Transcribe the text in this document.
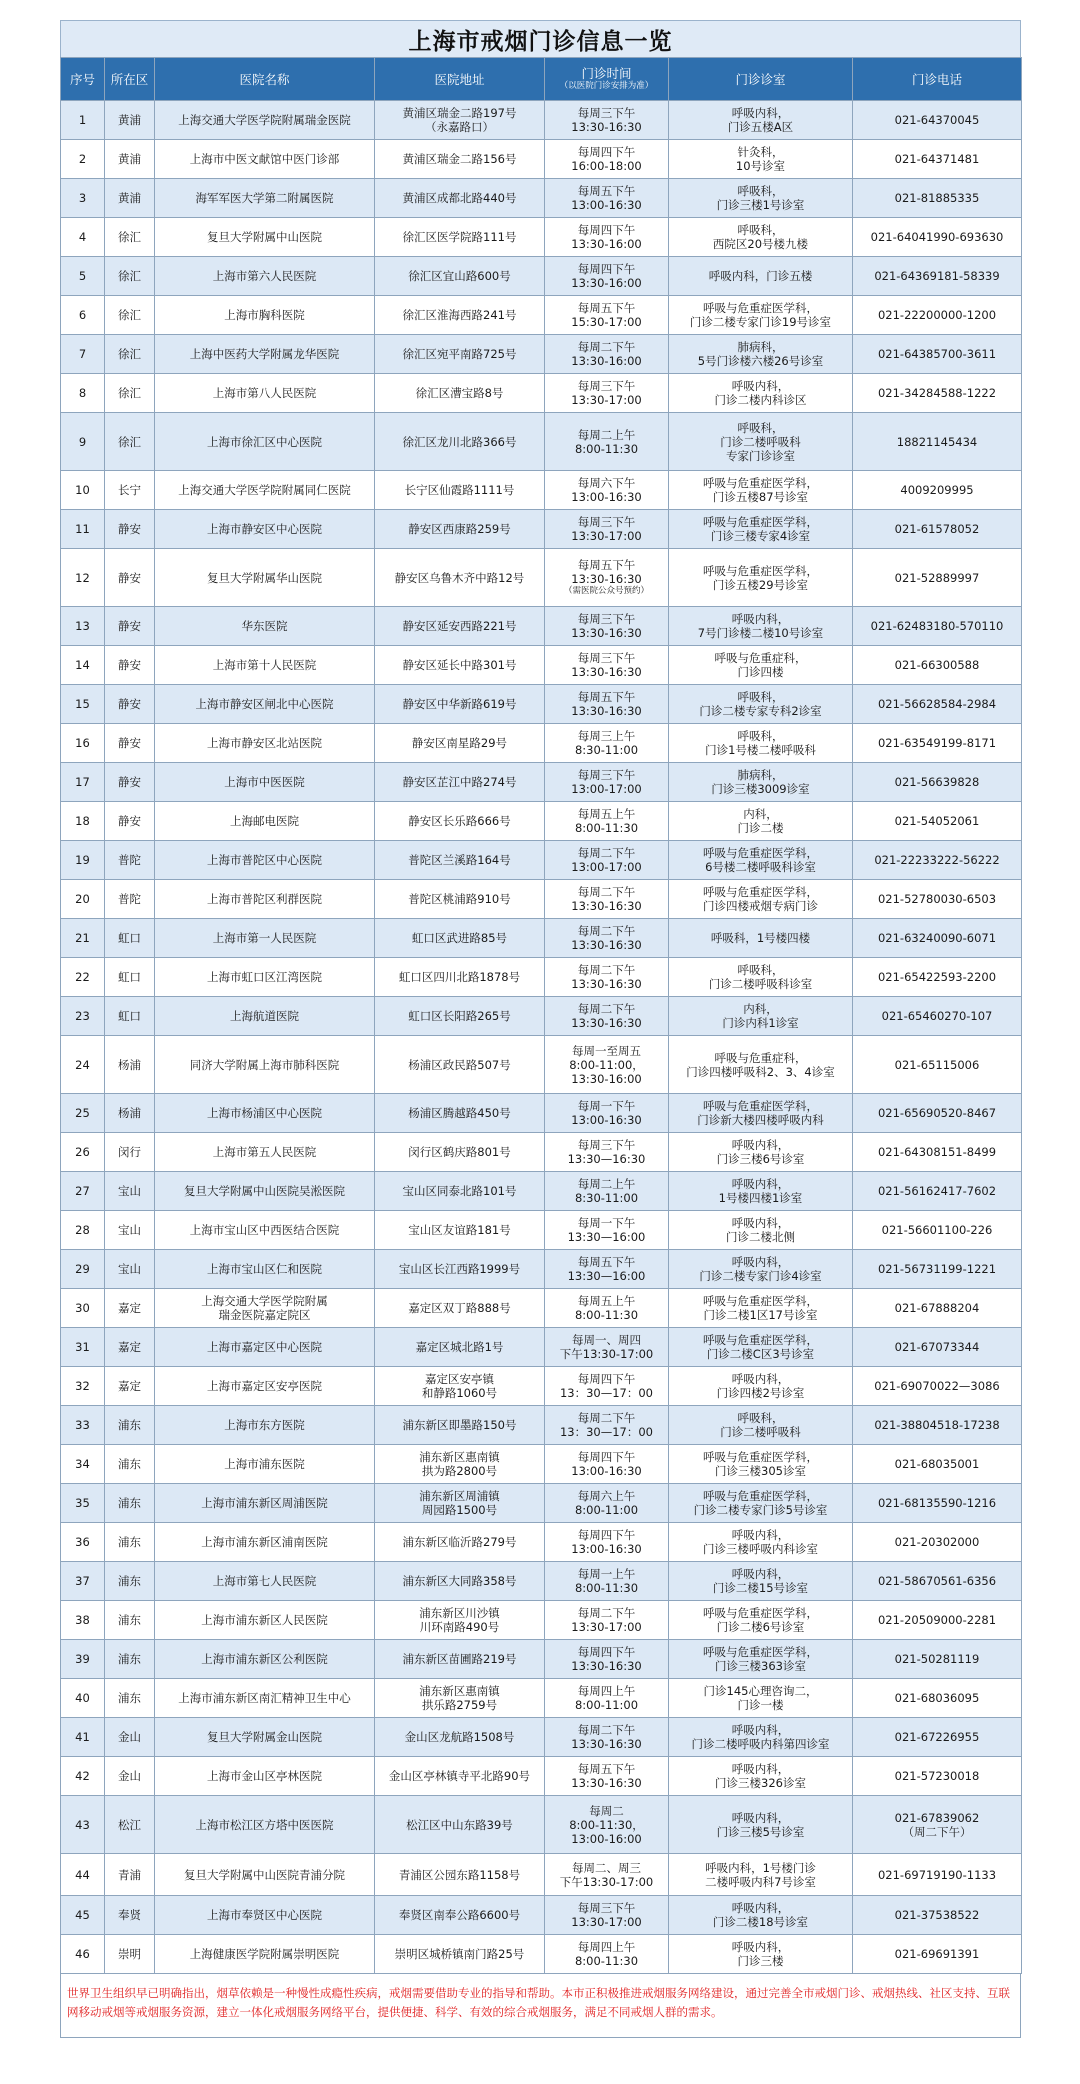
上海市戒烟门诊信息一览
序号	所在区	医院名称	医院地址	门诊时间
（以医院门诊安排为准）	门诊诊室	门诊电话
1	黄浦	上海交通大学医学院附属瑞金医院	黄浦区瑞金二路197号
（永嘉路口）	每周三下午
13:30-16:30	呼吸内科，
门诊五楼A区	021-64370045
2	黄浦	上海市中医文献馆中医门诊部	黄浦区瑞金二路156号	每周四下午
16:00-18:00	针灸科，
10号诊室	021-64371481
3	黄浦	海军军医大学第二附属医院	黄浦区成都北路440号	每周五下午
13:00-16:30	呼吸科，
门诊三楼1号诊室	021-81885335
4	徐汇	复旦大学附属中山医院	徐汇区医学院路111号	每周四下午
13:30-16:00	呼吸科，
西院区20号楼九楼	021-64041990-693630
5	徐汇	上海市第六人民医院	徐汇区宜山路600号	每周四下午
13:30-16:00	呼吸内科，门诊五楼	021-64369181-58339
6	徐汇	上海市胸科医院	徐汇区淮海西路241号	每周五下午
15:30-17:00	呼吸与危重症医学科，
门诊二楼专家门诊19号诊室	021-22200000-1200
7	徐汇	上海中医药大学附属龙华医院	徐汇区宛平南路725号	每周二下午
13:30-16:00	肺病科，
5号门诊楼六楼26号诊室	021-64385700-3611
8	徐汇	上海市第八人民医院	徐汇区漕宝路8号	每周三下午
13:30-17:00	呼吸内科，
门诊二楼内科诊区	021-34284588-1222
9	徐汇	上海市徐汇区中心医院	徐汇区龙川北路366号	每周二上午
8:00-11:30	呼吸科，
门诊二楼呼吸科
专家门诊诊室	18821145434
10	长宁	上海交通大学医学院附属同仁医院	长宁区仙霞路1111号	每周六下午
13:00-16:30	呼吸与危重症医学科，
门诊五楼87号诊室	4009209995
11	静安	上海市静安区中心医院	静安区西康路259号	每周三下午
13:30-17:00	呼吸与危重症医学科，
门诊三楼专家4诊室	021-61578052
12	静安	复旦大学附属华山医院	静安区乌鲁木齐中路12号	每周五下午
13:30-16:30
（需医院公众号预约）	呼吸与危重症医学科，
门诊五楼29号诊室	021-52889997
13	静安	华东医院	静安区延安西路221号	每周三下午
13:30-16:30	呼吸内科，
7号门诊楼二楼10号诊室	021-62483180-570110
14	静安	上海市第十人民医院	静安区延长中路301号	每周三下午
13:30-16:30	呼吸与危重症科，
门诊四楼	021-66300588
15	静安	上海市静安区闸北中心医院	静安区中华新路619号	每周五下午
13:30-16:30	呼吸科，
门诊二楼专家专科2诊室	021-56628584-2984
16	静安	上海市静安区北站医院	静安区南星路29号	每周三上午
8:30-11:00	呼吸科，
门诊1号楼二楼呼吸科	021-63549199-8171
17	静安	上海市中医医院	静安区芷江中路274号	每周三下午
13:00-17:00	肺病科，
门诊三楼3009诊室	021-56639828
18	静安	上海邮电医院	静安区长乐路666号	每周五上午
8:00-11:30	内科，
门诊二楼	021-54052061
19	普陀	上海市普陀区中心医院	普陀区兰溪路164号	每周二下午
13:00-17:00	呼吸与危重症医学科，
6号楼二楼呼吸科诊室	021-22233222-56222
20	普陀	上海市普陀区利群医院	普陀区桃浦路910号	每周二下午
13:30-16:30	呼吸与危重症医学科，
门诊四楼戒烟专病门诊	021-52780030-6503
21	虹口	上海市第一人民医院	虹口区武进路85号	每周二下午
13:30-16:30	呼吸科，1号楼四楼	021-63240090-6071
22	虹口	上海市虹口区江湾医院	虹口区四川北路1878号	每周二下午
13:30-16:30	呼吸科，
门诊二楼呼吸科诊室	021-65422593-2200
23	虹口	上海航道医院	虹口区长阳路265号	每周二下午
13:30-16:30	内科，
门诊内科1诊室	021-65460270-107
24	杨浦	同济大学附属上海市肺科医院	杨浦区政民路507号	每周一至周五
8:00-11:00，
13:30-16:00	呼吸与危重症科，
门诊四楼呼吸科2、3、4诊室	021-65115006
25	杨浦	上海市杨浦区中心医院	杨浦区腾越路450号	每周一下午
13:00-16:30	呼吸与危重症医学科，
门诊新大楼四楼呼吸内科	021-65690520-8467
26	闵行	上海市第五人民医院	闵行区鹤庆路801号	每周三下午
13:30—16:30	呼吸内科，
门诊三楼6号诊室	021-64308151-8499
27	宝山	复旦大学附属中山医院吴淞医院	宝山区同泰北路101号	每周二上午
8:30-11:00	呼吸内科，
1号楼四楼1诊室	021-56162417-7602
28	宝山	上海市宝山区中西医结合医院	宝山区友谊路181号	每周一下午
13:30—16:00	呼吸内科，
门诊二楼北侧	021-56601100-226
29	宝山	上海市宝山区仁和医院	宝山区长江西路1999号	每周五下午
13:30—16:00	呼吸内科，
门诊二楼专家门诊4诊室	021-56731199-1221
30	嘉定	上海交通大学医学院附属
瑞金医院嘉定院区	嘉定区双丁路888号	每周五上午
8:00-11:30	呼吸与危重症医学科，
门诊二楼1区17号诊室	021-67888204
31	嘉定	上海市嘉定区中心医院	嘉定区城北路1号	每周一、周四
下午13:30-17:00	呼吸与危重症医学科，
门诊二楼C区3号诊室	021-67073344
32	嘉定	上海市嘉定区安亭医院	嘉定区安亭镇
和静路1060号	每周四下午
13：30—17：00	呼吸内科，
门诊四楼2号诊室	021-69070022—3086
33	浦东	上海市东方医院	浦东新区即墨路150号	每周二下午
13：30—17：00	呼吸科，
门诊二楼呼吸科	021-38804518-17238
34	浦东	上海市浦东医院	浦东新区惠南镇
拱为路2800号	每周四下午
13:00-16:30	呼吸与危重症医学科，
门诊三楼305诊室	021-68035001
35	浦东	上海市浦东新区周浦医院	浦东新区周浦镇
周园路1500号	每周六上午
8:00-11:00	呼吸与危重症医学科，
门诊二楼专家门诊5号诊室	021-68135590-1216
36	浦东	上海市浦东新区浦南医院	浦东新区临沂路279号	每周四下午
13:00-16:30	呼吸内科，
门诊三楼呼吸内科诊室	021-20302000
37	浦东	上海市第七人民医院	浦东新区大同路358号	每周一上午
8:00-11:30	呼吸内科，
门诊二楼15号诊室	021-58670561-6356
38	浦东	上海市浦东新区人民医院	浦东新区川沙镇
川环南路490号	每周二下午
13:30-17:00	呼吸与危重症医学科，
门诊二楼6号诊室	021-20509000-2281
39	浦东	上海市浦东新区公利医院	浦东新区苗圃路219号	每周四下午
13:30-16:30	呼吸与危重症医学科，
门诊三楼363诊室	021-50281119
40	浦东	上海市浦东新区南汇精神卫生中心	浦东新区惠南镇
拱乐路2759号	每周四上午
8:00-11:00	门诊145心理咨询二，
门诊一楼	021-68036095
41	金山	复旦大学附属金山医院	金山区龙航路1508号	每周二下午
13:30-16:30	呼吸内科，
门诊二楼呼吸内科第四诊室	021-67226955
42	金山	上海市金山区亭林医院	金山区亭林镇寺平北路90号	每周五下午
13:30-16:30	呼吸内科，
门诊三楼326诊室	021-57230018
43	松江	上海市松江区方塔中医医院	松江区中山东路39号	每周二
8:00-11:30，
13:00-16:00	呼吸内科，
门诊三楼5号诊室	021-67839062
（周二下午）
44	青浦	复旦大学附属中山医院青浦分院	青浦区公园东路1158号	每周二、周三
下午13:30-17:00	呼吸内科，1号楼门诊
二楼呼吸内科7号诊室	021-69719190-1133
45	奉贤	上海市奉贤区中心医院	奉贤区南奉公路6600号	每周三下午
13:30-17:00	呼吸内科，
门诊二楼18号诊室	021-37538522
46	崇明	上海健康医学院附属崇明医院	崇明区城桥镇南门路25号	每周四上午
8:00-11:30	呼吸内科，
门诊三楼	021-69691391
世界卫生组织早已明确指出，烟草依赖是一种慢性成瘾性疾病，戒烟需要借助专业的指导和帮助。本市正积极推进戒烟服务网络建设，通过完善全市戒烟门诊、戒烟热线、社区支持、互联网移动戒烟等戒烟服务资源，建立一体化戒烟服务网络平台，提供便捷、科学、有效的综合戒烟服务，满足不同戒烟人群的需求。
